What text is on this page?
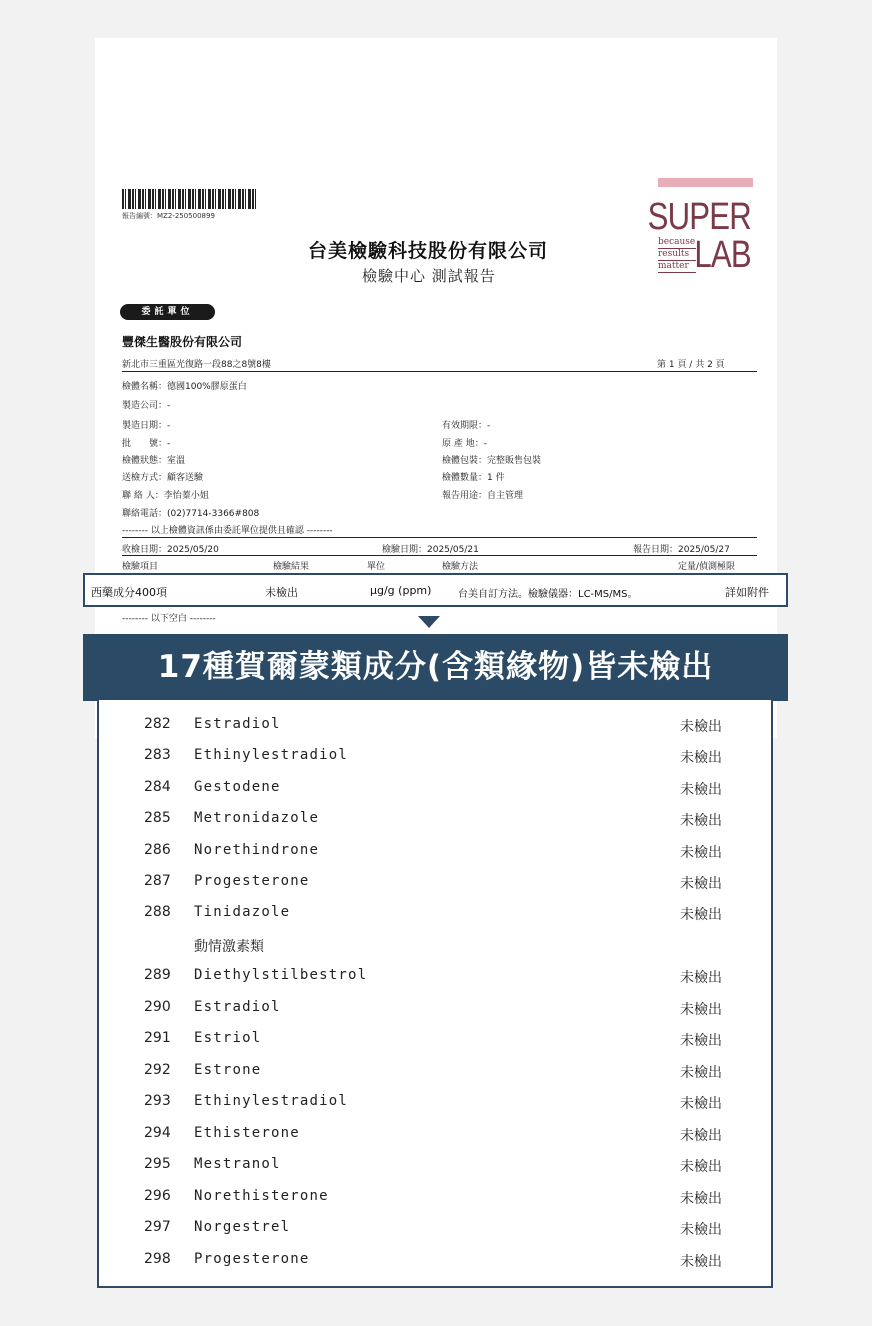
報告編號：MZ2-250500899
台美檢驗科技股份有限公司
檢驗中心 測試報告
SUPER
LAB
because
results
matter
委託單位
豐傑生醫股份有限公司
新北市三重區光復路一段88之8號8樓	第 1 頁 / 共 2 頁
檢體名稱：德國100%膠原蛋白
製造公司：-
製造日期：-	有效期限：-
批　　號：-	原 產 地：-
檢體狀態：室溫	檢體包裝：完整販售包裝
送檢方式：顧客送驗	檢體數量：1 件
聯 絡 人：李怡蓁小姐	報告用途：自主管理
聯絡電話：(02)7714-3366#808
-------- 以上檢體資訊係由委託單位提供且確認 --------
收檢日期：2025/05/20	檢驗日期：2025/05/21	報告日期：2025/05/27
檢驗項目	檢驗結果	單位	檢驗方法	定量/偵測極限
西藥成分400項	未檢出	μg/g (ppm)	台美自訂方法。檢驗儀器：LC-MS/MS。	詳如附件
-------- 以下空白 --------
17種賀爾蒙類成分(含類緣物)皆未檢出
282 Estradiol	未檢出
283 Ethinylestradiol	未檢出
284 Gestodene	未檢出
285 Metronidazole	未檢出
286 Norethindrone	未檢出
287 Progesterone	未檢出
288 Tinidazole	未檢出
動情激素類
289 Diethylstilbestrol	未檢出
290 Estradiol	未檢出
291 Estriol	未檢出
292 Estrone	未檢出
293 Ethinylestradiol	未檢出
294 Ethisterone	未檢出
295 Mestranol	未檢出
296 Norethisterone	未檢出
297 Norgestrel	未檢出
298 Progesterone	未檢出
